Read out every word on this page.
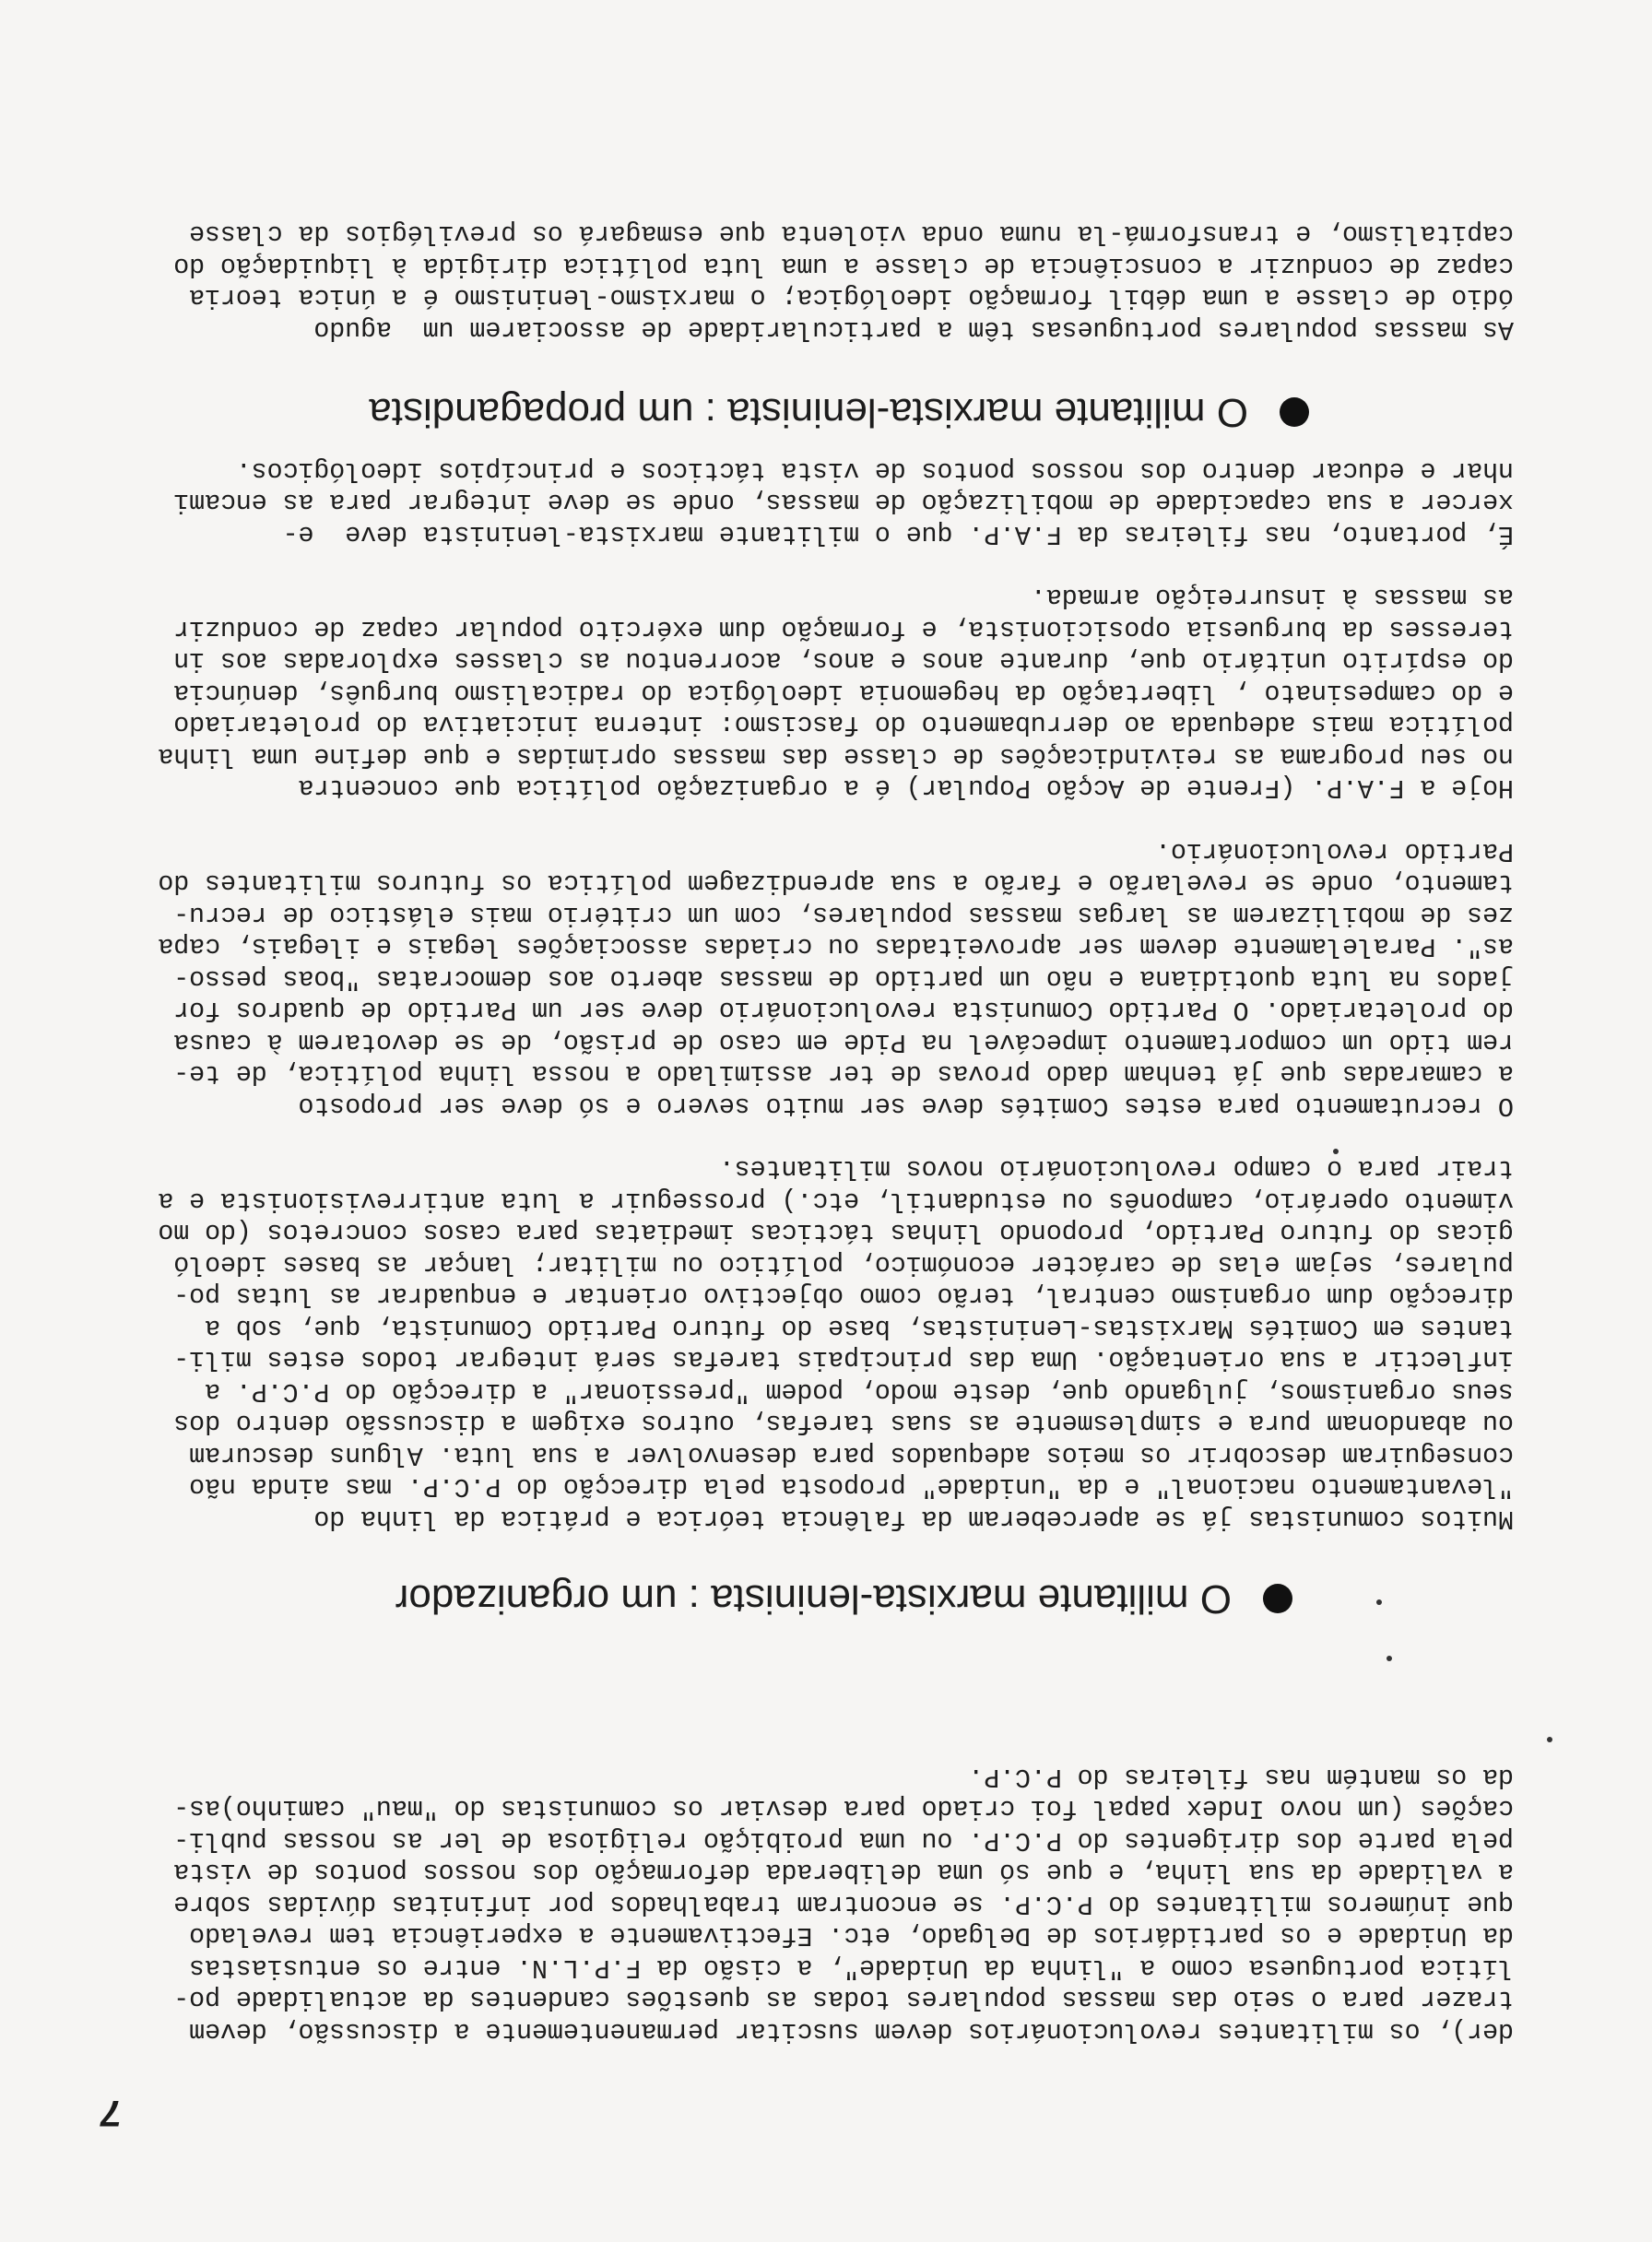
7
der), os militantes revolucionários devem suscitar permanentemente a discussão, devem
trazer para o seio das massas populares todas as questões candentes da actualidade po-
lítica portuguesa como a "linha da Unidade", a cisão da F.P.L.N. entre os entusiastas
da Unidade e os partidários de Delgado, etc. Efectivamente a experiência tem revelado
que inúmeros militantes do P.C.P. se encontram trabalhados por infinitas dúvidas sobre
a validade da sua linha, e que só uma deliberada deformação dos nossos pontos de vista
pela parte dos dirigentes do P.C.P. ou uma proibição religiosa de ler as nossas publi-
cações (um novo Index papal foi criado para desviar os comunistas do "mau" caminho)as-
da os mantém nas fileiras do P.C.P.
O militante marxista-leninista : um organizador
Muitos comunistas já se aperceberam da falência teórica e prática da linha do
"levantamento nacional" e da "unidade" proposta pela direcção do P.C.P. mas ainda não
conseguiram descobrir os meios adequados para desenvolver a sua luta. Alguns descuram
ou abandonam pura e simplesmente as suas tarefas, outros exigem a discussão dentro dos
seus organismos, julgando que, deste modo, podem "pressionar" a direcção do P.C.P. a
inflectir a sua orientação. Uma das principais tarefas será integrar todos estes mili-
tantes em Comités Marxistas-Leninistas, base do futuro Partido Comunista, que, sob a
direcção dum organismo central, terão como objectivo orientar e enquadrar as lutas po-
pulares, sejam elas de carácter económico, político ou militar; lançar as bases ideoló
gicas do futuro Partido, propondo linhas tácticas imediatas para casos concretos (do mo
vimento operário, camponês ou estudantil, etc.) prosseguir a luta antirrevisionista e a
trair para o campo revolucionário novos militantes.
O recrutamento para estes Comités deve ser muito severo e só deve ser proposto
a camaradas que já tenham dado provas de ter assimilado a nossa linha política, de te-
rem tido um comportamento impecável na Pide em caso de prisão, de se devotarem à causa
do proletariado. O Partido Comunista revolucionário deve ser um Partido de quadros for
jados na luta quotidiana e não um partido de massas aberto aos democratas "boas pesso-
as". Paralelamente devem ser aproveitadas ou criadas associações legais e ilegais, capa
zes de mobilizarem as largas massas populares, com um critério mais elástico de recru-
tamento, onde se revelarão e farão a sua aprendizagem política os futuros militantes do
Partido revolucionário.
Hoje a F.A.P. (Frente de Acção Popular) é a organização política que concentra
no seu programa as reivindicações de classe das massas oprimidas e que define uma linha
política mais adequada ao derrubamento do fascismo: interna iniciativa do proletariado
e do campesinato , libertação da hegemonia ideológica do radicalismo burguês, denúncia
do espírito unitário que, durante anos e anos, acorrentou as classes exploradas aos in
teresses da burguesia oposicionista, e formação dum exército popular capaz de conduzir
as massas à insurreição armada.
É, portanto, nas fileiras da F.A.P. que o militante marxista-leninista deve  e-
xercer a sua capacidade de mobilização de massas, onde se deve integrar para as encami
nhar e educar dentro dos nossos pontos de vista tácticos e princípios ideológicos.
O militante marxista-leninista : um propagandista
As massas populares portuguesas têm a particularidade de associarem um  agudo
ódio de classe a uma débil formação ideológica; o marxismo-leninismo é a única teoria
capaz de conduzir a consciência de classe a uma luta política dirigida à liquidação do
capitalismo, e transformá-la numa onda violenta que esmagará os previlégios da classe
